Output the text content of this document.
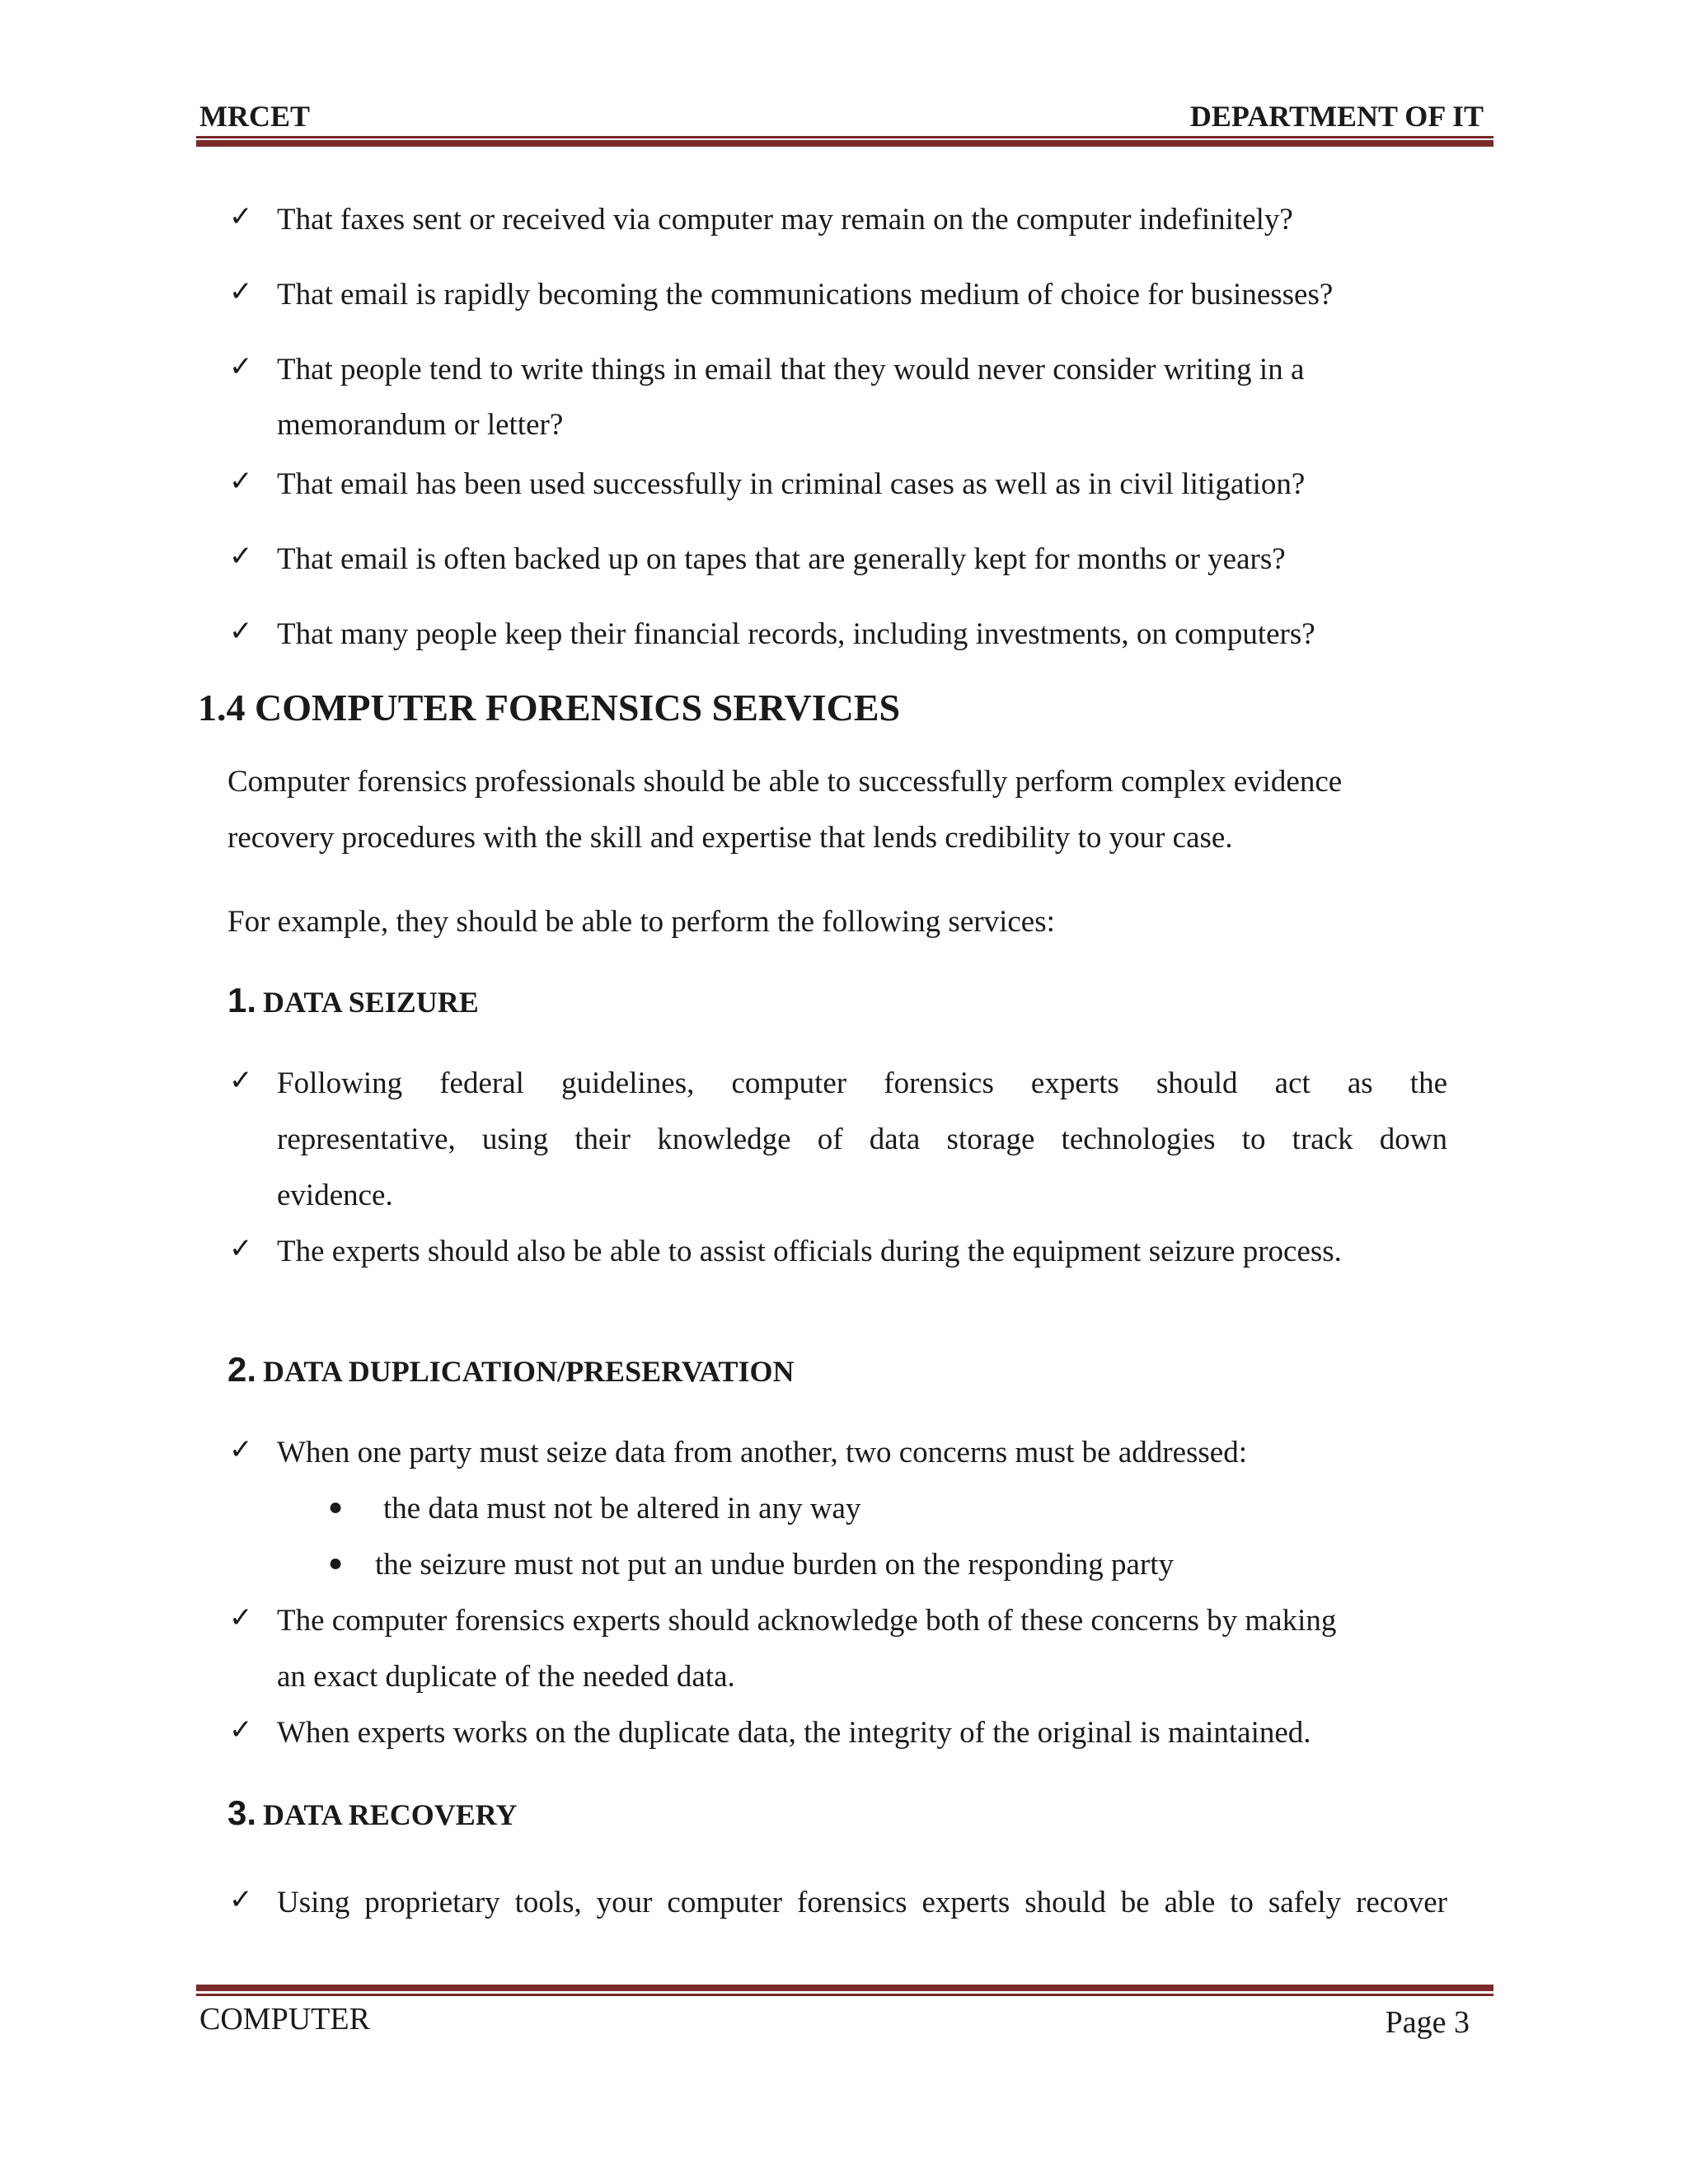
MRCET	DEPARTMENT OF IT
✓ That faxes sent or received via computer may remain on the computer indefinitely?
✓ That email is rapidly becoming the communications medium of choice for businesses?
✓ That people tend to write things in email that they would never consider writing in a
memorandum or letter?
✓ That email has been used successfully in criminal cases as well as in civil litigation?
✓ That email is often backed up on tapes that are generally kept for months or years?
✓ That many people keep their financial records, including investments, on computers?
1.4 COMPUTER FORENSICS SERVICES
Computer forensics professionals should be able to successfully perform complex evidence
recovery procedures with the skill and expertise that lends credibility to your case.
For example, they should be able to perform the following services:
1. DATA SEIZURE
✓ Following federal guidelines, computer forensics experts should act as the
representative, using their knowledge of data storage technologies to track down
evidence.
✓ The experts should also be able to assist officials during the equipment seizure process.
2. DATA DUPLICATION/PRESERVATION
✓ When one party must seize data from another, two concerns must be addressed:
● the data must not be altered in any way
● the seizure must not put an undue burden on the responding party
✓ The computer forensics experts should acknowledge both of these concerns by making
an exact duplicate of the needed data.
✓ When experts works on the duplicate data, the integrity of the original is maintained.
3. DATA RECOVERY
✓ Using proprietary tools, your computer forensics experts should be able to safely recover
COMPUTER	Page 3
